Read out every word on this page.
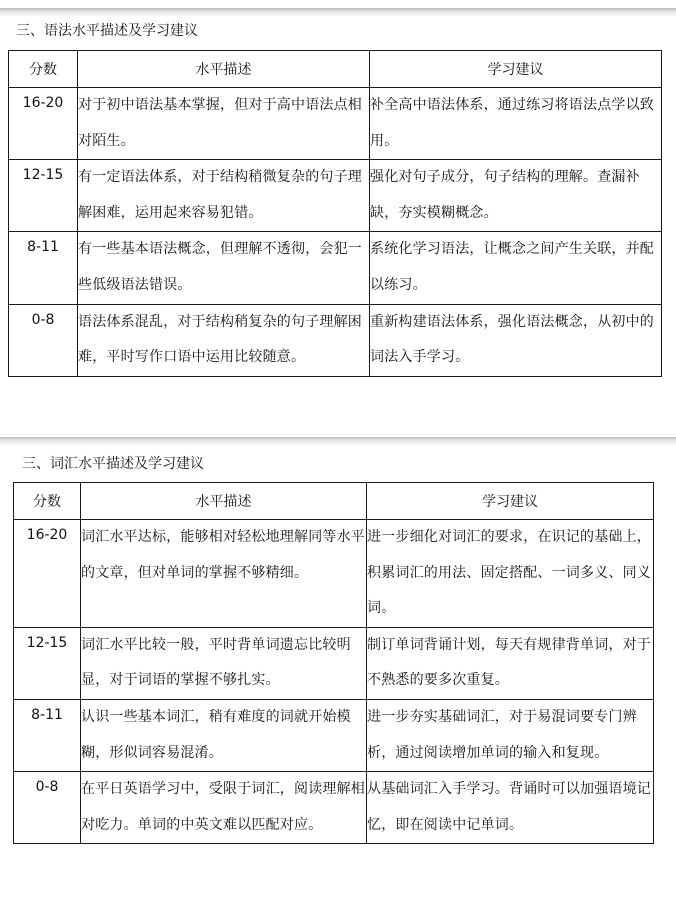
三、语法水平描述及学习建议
分数	水平描述	学习建议
16-20	对于初中语法基本掌握，但对于高中语法点相对陌生。	补全高中语法体系，通过练习将语法点学以致用。
12-15	有一定语法体系，对于结构稍微复杂的句子理解困难，运用起来容易犯错。	强化对句子成分，句子结构的理解。查漏补缺，夯实模糊概念。
8-11	有一些基本语法概念，但理解不透彻，会犯一些低级语法错误。	系统化学习语法，让概念之间产生关联，并配以练习。
0-8	语法体系混乱，对于结构稍复杂的句子理解困难，平时写作口语中运用比较随意。	重新构建语法体系，强化语法概念，从初中的词法入手学习。
三、词汇水平描述及学习建议
分数	水平描述	学习建议
16-20	词汇水平达标，能够相对轻松地理解同等水平的文章，但对单词的掌握不够精细。	进一步细化对词汇的要求，在识记的基础上，积累词汇的用法、固定搭配、一词多义、同义词。
12-15	词汇水平比较一般，平时背单词遗忘比较明显，对于词语的掌握不够扎实。	制订单词背诵计划，每天有规律背单词，对于不熟悉的要多次重复。
8-11	认识一些基本词汇，稍有难度的词就开始模糊，形似词容易混淆。	进一步夯实基础词汇，对于易混词要专门辨析，通过阅读增加单词的输入和复现。
0-8	在平日英语学习中，受限于词汇，阅读理解相对吃力。单词的中英文难以匹配对应。	从基础词汇入手学习。背诵时可以加强语境记忆，即在阅读中记单词。
